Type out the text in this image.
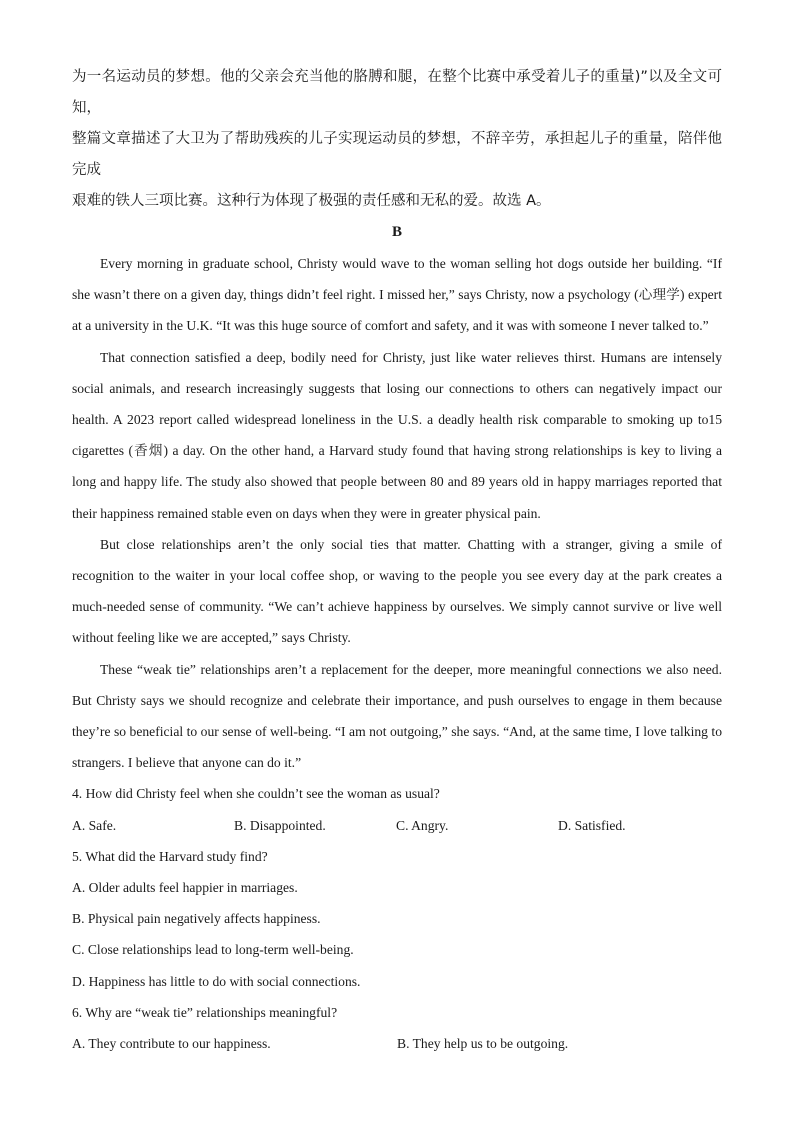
为一名运动员的梦想。他的父亲会充当他的胳膊和腿，在整个比赛中承受着儿子的重量)”以及全文可知，

整篇文章描述了大卫为了帮助残疾的儿子实现运动员的梦想，不辞辛劳，承担起儿子的重量，陪伴他完成

艰难的铁人三项比赛。这种行为体现了极强的责任感和无私的爱。故选 A。

B

Every morning in graduate school, Christy would wave to the woman selling hot dogs outside her building. “If she wasn’t there on a given day, things didn’t feel right. I missed her,” says Christy, now a psychology (心理学) expert at a university in the U.K. “It was this huge source of comfort and safety, and it was with someone I never talked to.”

That connection satisfied a deep, bodily need for Christy, just like water relieves thirst. Humans are intensely social animals, and research increasingly suggests that losing our connections to others can negatively impact our health. A 2023 report called widespread loneliness in the U.S. a deadly health risk comparable to smoking up to15 cigarettes (香烟) a day. On the other hand, a Harvard study found that having strong relationships is key to living a long and happy life. The study also showed that people between 80 and 89 years old in happy marriages reported that their happiness remained stable even on days when they were in greater physical pain.

But close relationships aren’t the only social ties that matter. Chatting with a stranger, giving a smile of recognition to the waiter in your local coffee shop, or waving to the people you see every day at the park creates a much-needed sense of community. “We can’t achieve happiness by ourselves. We simply cannot survive or live well without feeling like we are accepted,” says Christy.

These “weak tie” relationships aren’t a replacement for the deeper, more meaningful connections we also need. But Christy says we should recognize and celebrate their importance, and push ourselves to engage in them because they’re so beneficial to our sense of well-being. “I am not outgoing,” she says. “And, at the same time, I love talking to strangers. I believe that anyone can do it.”

4. How did Christy feel when she couldn’t see the woman as usual?

A. Safe.	B. Disappointed.	C. Angry.	D. Satisfied.

5. What did the Harvard study find?

A. Older adults feel happier in marriages.

B. Physical pain negatively affects happiness.

C. Close relationships lead to long-term well-being.

D. Happiness has little to do with social connections.

6. Why are “weak tie” relationships meaningful?

A. They contribute to our happiness.	B. They help us to be outgoing.
